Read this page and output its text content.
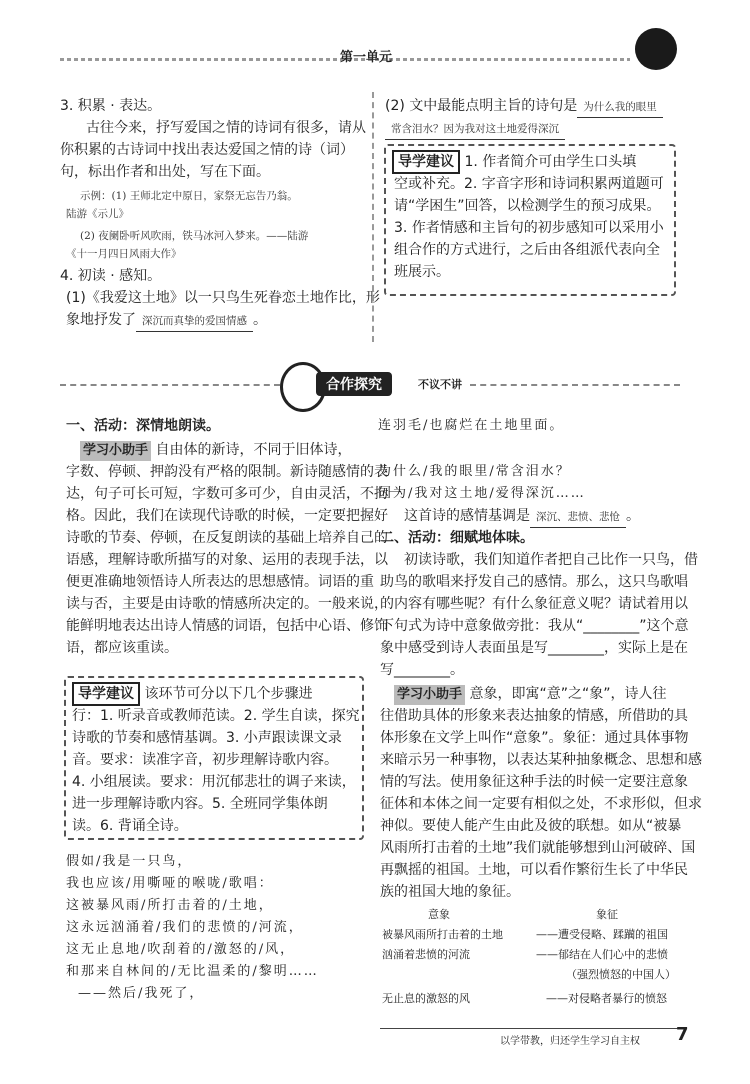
第一单元
3. 积累 · 表达。
古往今来，抒写爱国之情的诗词有很多，请从
你积累的古诗词中找出表达爱国之情的诗（词）
句，标出作者和出处，写在下面。
示例：(1) 王师北定中原日，家祭无忘告乃翁。
陆游《示儿》
(2) 夜阑卧听风吹雨，铁马冰河入梦来。——陆游
《十一月四日风雨大作》
4. 初读 · 感知。
(1)《我爱这土地》以一只鸟生死眷恋土地作比，形
象地抒发了 深沉而真挚的爱国情感 。
(2) 文中最能点明主旨的诗句是 为什么我的眼里
常含泪水？因为我对这土地爱得深沉
导学建议 1. 作者简介可由学生口头填
空或补充。2. 字音字形和诗词积累两道题可
请“学困生”回答，以检测学生的预习成果。
3. 作者情感和主旨句的初步感知可以采用小
组合作的方式进行，之后由各组派代表向全
班展示。
合作探究	不议不讲
一、活动：深情地朗读。
学习小助手 自由体的新诗，不同于旧体诗，
字数、停顿、押韵没有严格的限制。新诗随感情的表
达，句子可长可短，字数可多可少，自由灵活，不拘一
格。因此，我们在读现代诗歌的时候，一定要把握好
诗歌的节奏、停顿，在反复朗读的基础上培养自己的
语感，理解诗歌所描写的对象、运用的表现手法，以
便更准确地领悟诗人所表达的思想感情。词语的重
读与否，主要是由诗歌的情感所决定的。一般来说，
能鲜明地表达出诗人情感的词语，包括中心语、修饰
语，都应该重读。
导学建议 该环节可分以下几个步骤进
行：1. 听录音或教师范读。2. 学生自读，探究
诗歌的节奏和感情基调。3. 小声跟读课文录
音。要求：读准字音，初步理解诗歌内容。
4. 小组展读。要求：用沉郁悲壮的调子来读，
进一步理解诗歌内容。5. 全班同学集体朗
读。6. 背诵全诗。
假如/我是一只鸟，
我也应该/用嘶哑的喉咙/歌唱：
这被暴风雨/所打击着的/土地，
这永远汹涌着/我们的悲愤的/河流，
这无止息地/吹刮着的/激怒的/风，
和那来自林间的/无比温柔的/黎明……
——然后/我死了，
连羽毛/也腐烂在土地里面。
为什么/我的眼里/常含泪水？
因为/我对这土地/爱得深沉……
这首诗的感情基调是 深沉、悲愤、悲怆 。
二、活动：细赋地体味。
初读诗歌，我们知道作者把自己比作一只鸟，借
助鸟的歌唱来抒发自己的感情。那么，这只鸟歌唱
的内容有哪些呢？有什么象征意义呢？请试着用以
下句式为诗中意象做旁批：我从“________”这个意
象中感受到诗人表面虽是写________，实际上是在
写________。
学习小助手 意象，即寓“意”之“象”，诗人往
往借助具体的形象来表达抽象的情感，所借助的具
体形象在文学上叫作“意象”。象征：通过具体事物
来暗示另一种事物，以表达某种抽象概念、思想和感
情的写法。使用象征这种手法的时候一定要注意象
征体和本体之间一定要有相似之处，不求形似，但求
神似。要使人能产生由此及彼的联想。如从“被暴
风雨所打击着的土地”我们就能够想到山河破碎、国
再飘摇的祖国。土地，可以看作繁衍生长了中华民
族的祖国大地的象征。
意象	象征
被暴风雨所打击着的土地	——遭受侵略、蹂躏的祖国
汹涌着悲愤的河流	——郁结在人们心中的悲愤
（强烈愤怒的中国人）
无止息的激怒的风	——对侵略者暴行的愤怒
以学带教，归还学生学习自主权 7
